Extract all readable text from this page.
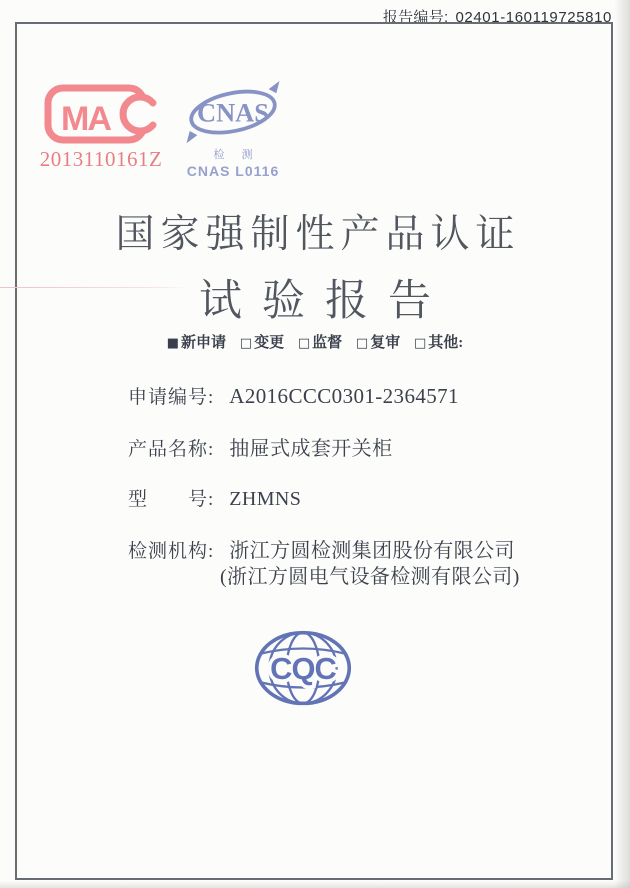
报告编号: 02401-160119725810
MA
2013110161Z
CNAS
检 测
CNAS L0116
国家强制性产品认证
试验报告
■ 新申请 □ 变更 □ 监督 □ 复审 □ 其他:
申请编号: A2016CCC0301-2364571
产品名称: 抽屉式成套开关柜
型　　号: ZHMNS
检测机构: 浙江方圆检测集团股份有限公司
(浙江方圆电气设备检测有限公司)
CQC
